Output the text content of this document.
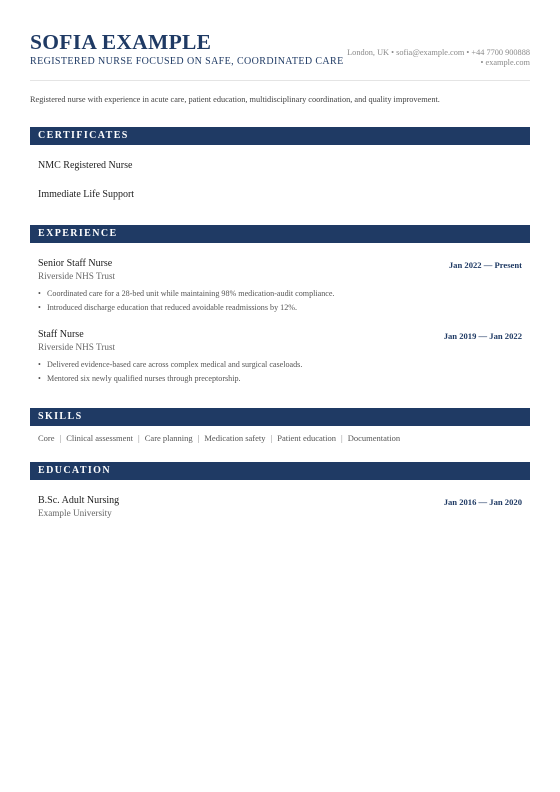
SOFIA EXAMPLE
REGISTERED NURSE FOCUSED ON SAFE, COORDINATED CARE
London, UK • sofia@example.com • +44 7700 900888
• example.com
Registered nurse with experience in acute care, patient education, multidisciplinary coordination, and quality improvement.
CERTIFICATES
NMC Registered Nurse
Immediate Life Support
EXPERIENCE
Senior Staff Nurse	Jan 2022 — Present
Riverside NHS Trust
• Coordinated care for a 28-bed unit while maintaining 98% medication-audit compliance.
• Introduced discharge education that reduced avoidable readmissions by 12%.
Staff Nurse	Jan 2019 — Jan 2022
Riverside NHS Trust
• Delivered evidence-based care across complex medical and surgical caseloads.
• Mentored six newly qualified nurses through preceptorship.
SKILLS
Core | Clinical assessment | Care planning | Medication safety | Patient education | Documentation
EDUCATION
B.Sc. Adult Nursing	Jan 2016 — Jan 2020
Example University
